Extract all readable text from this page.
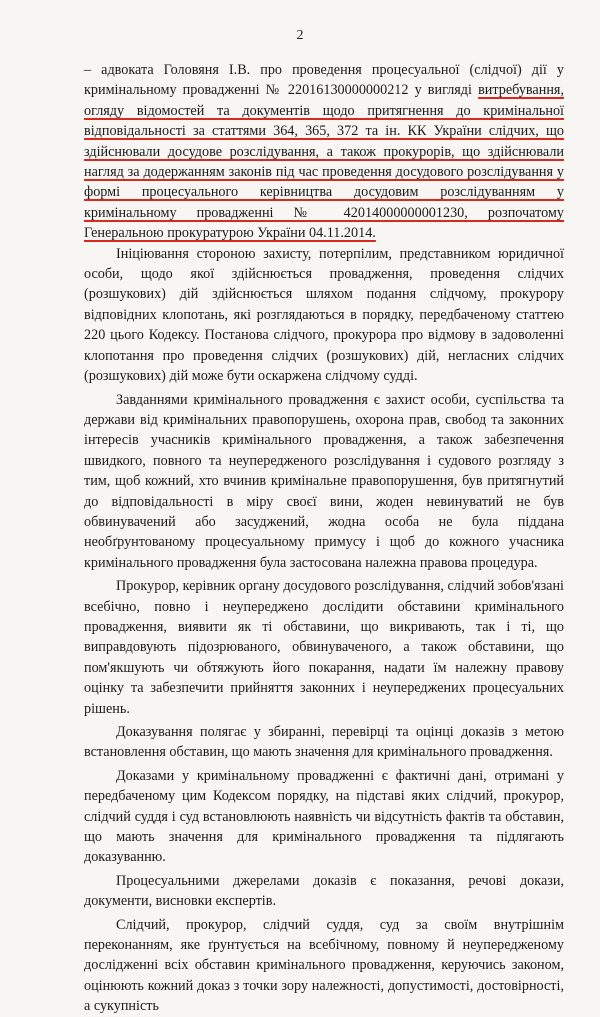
2

– адвоката Головяня І.В. про проведення процесуальної (слідчої) дії у кримінальному провадженні № 22016130000000212 у вигляді витребування, огляду відомостей та документів щодо притягнення до кримінальної відповідальності за статтями 364, 365, 372 та ін. КК України слідчих, що здійснювали досудове розслідування, а також прокурорів, що здійснювали нагляд за додержанням законів під час проведення досудового розслідування у формі процесуального керівництва досудовим розслідуванням у кримінальному провадженні № 42014000000001230, розпочатому Генеральною прокуратурою України 04.11.2014.

Ініціювання стороною захисту, потерпілим, представником юридичної особи, щодо якої здійснюється провадження, проведення слідчих (розшукових) дій здійснюється шляхом подання слідчому, прокурору відповідних клопотань, які розглядаються в порядку, передбаченому статтею 220 цього Кодексу. Постанова слідчого, прокурора про відмову в задоволенні клопотання про проведення слідчих (розшукових) дій, негласних слідчих (розшукових) дій може бути оскаржена слідчому судді.

Завданнями кримінального провадження є захист особи, суспільства та держави від кримінальних правопорушень, охорона прав, свобод та законних інтересів учасників кримінального провадження, а також забезпечення швидкого, повного та неупередженого розслідування і судового розгляду з тим, щоб кожний, хто вчинив кримінальне правопорушення, був притягнутий до відповідальності в міру своєї вини, жоден невинуватий не був обвинувачений або засуджений, жодна особа не була піддана необґрунтованому процесуальному примусу і щоб до кожного учасника кримінального провадження була застосована належна правова процедура.

Прокурор, керівник органу досудового розслідування, слідчий зобов'язані всебічно, повно і неупереджено дослідити обставини кримінального провадження, виявити як ті обставини, що викривають, так і ті, що виправдовують підозрюваного, обвинуваченого, а також обставини, що пом'якшують чи обтяжують його покарання, надати їм належну правову оцінку та забезпечити прийняття законних і неупереджених процесуальних рішень.

Доказування полягає у збиранні, перевірці та оцінці доказів з метою встановлення обставин, що мають значення для кримінального провадження.

Доказами у кримінальному провадженні є фактичні дані, отримані у передбаченому цим Кодексом порядку, на підставі яких слідчий, прокурор, слідчий суддя і суд встановлюють наявність чи відсутність фактів та обставин, що мають значення для кримінального провадження та підлягають доказуванню.

Процесуальними джерелами доказів є показання, речові докази, документи, висновки експертів.

Слідчий, прокурор, слідчий суддя, суд за своїм внутрішнім переконанням, яке ґрунтується на всебічному, повному й неупередженому дослідженні всіх обставин кримінального провадження, керуючись законом, оцінюють кожний доказ з точки зору належності, допустимості, достовірності, а сукупність
